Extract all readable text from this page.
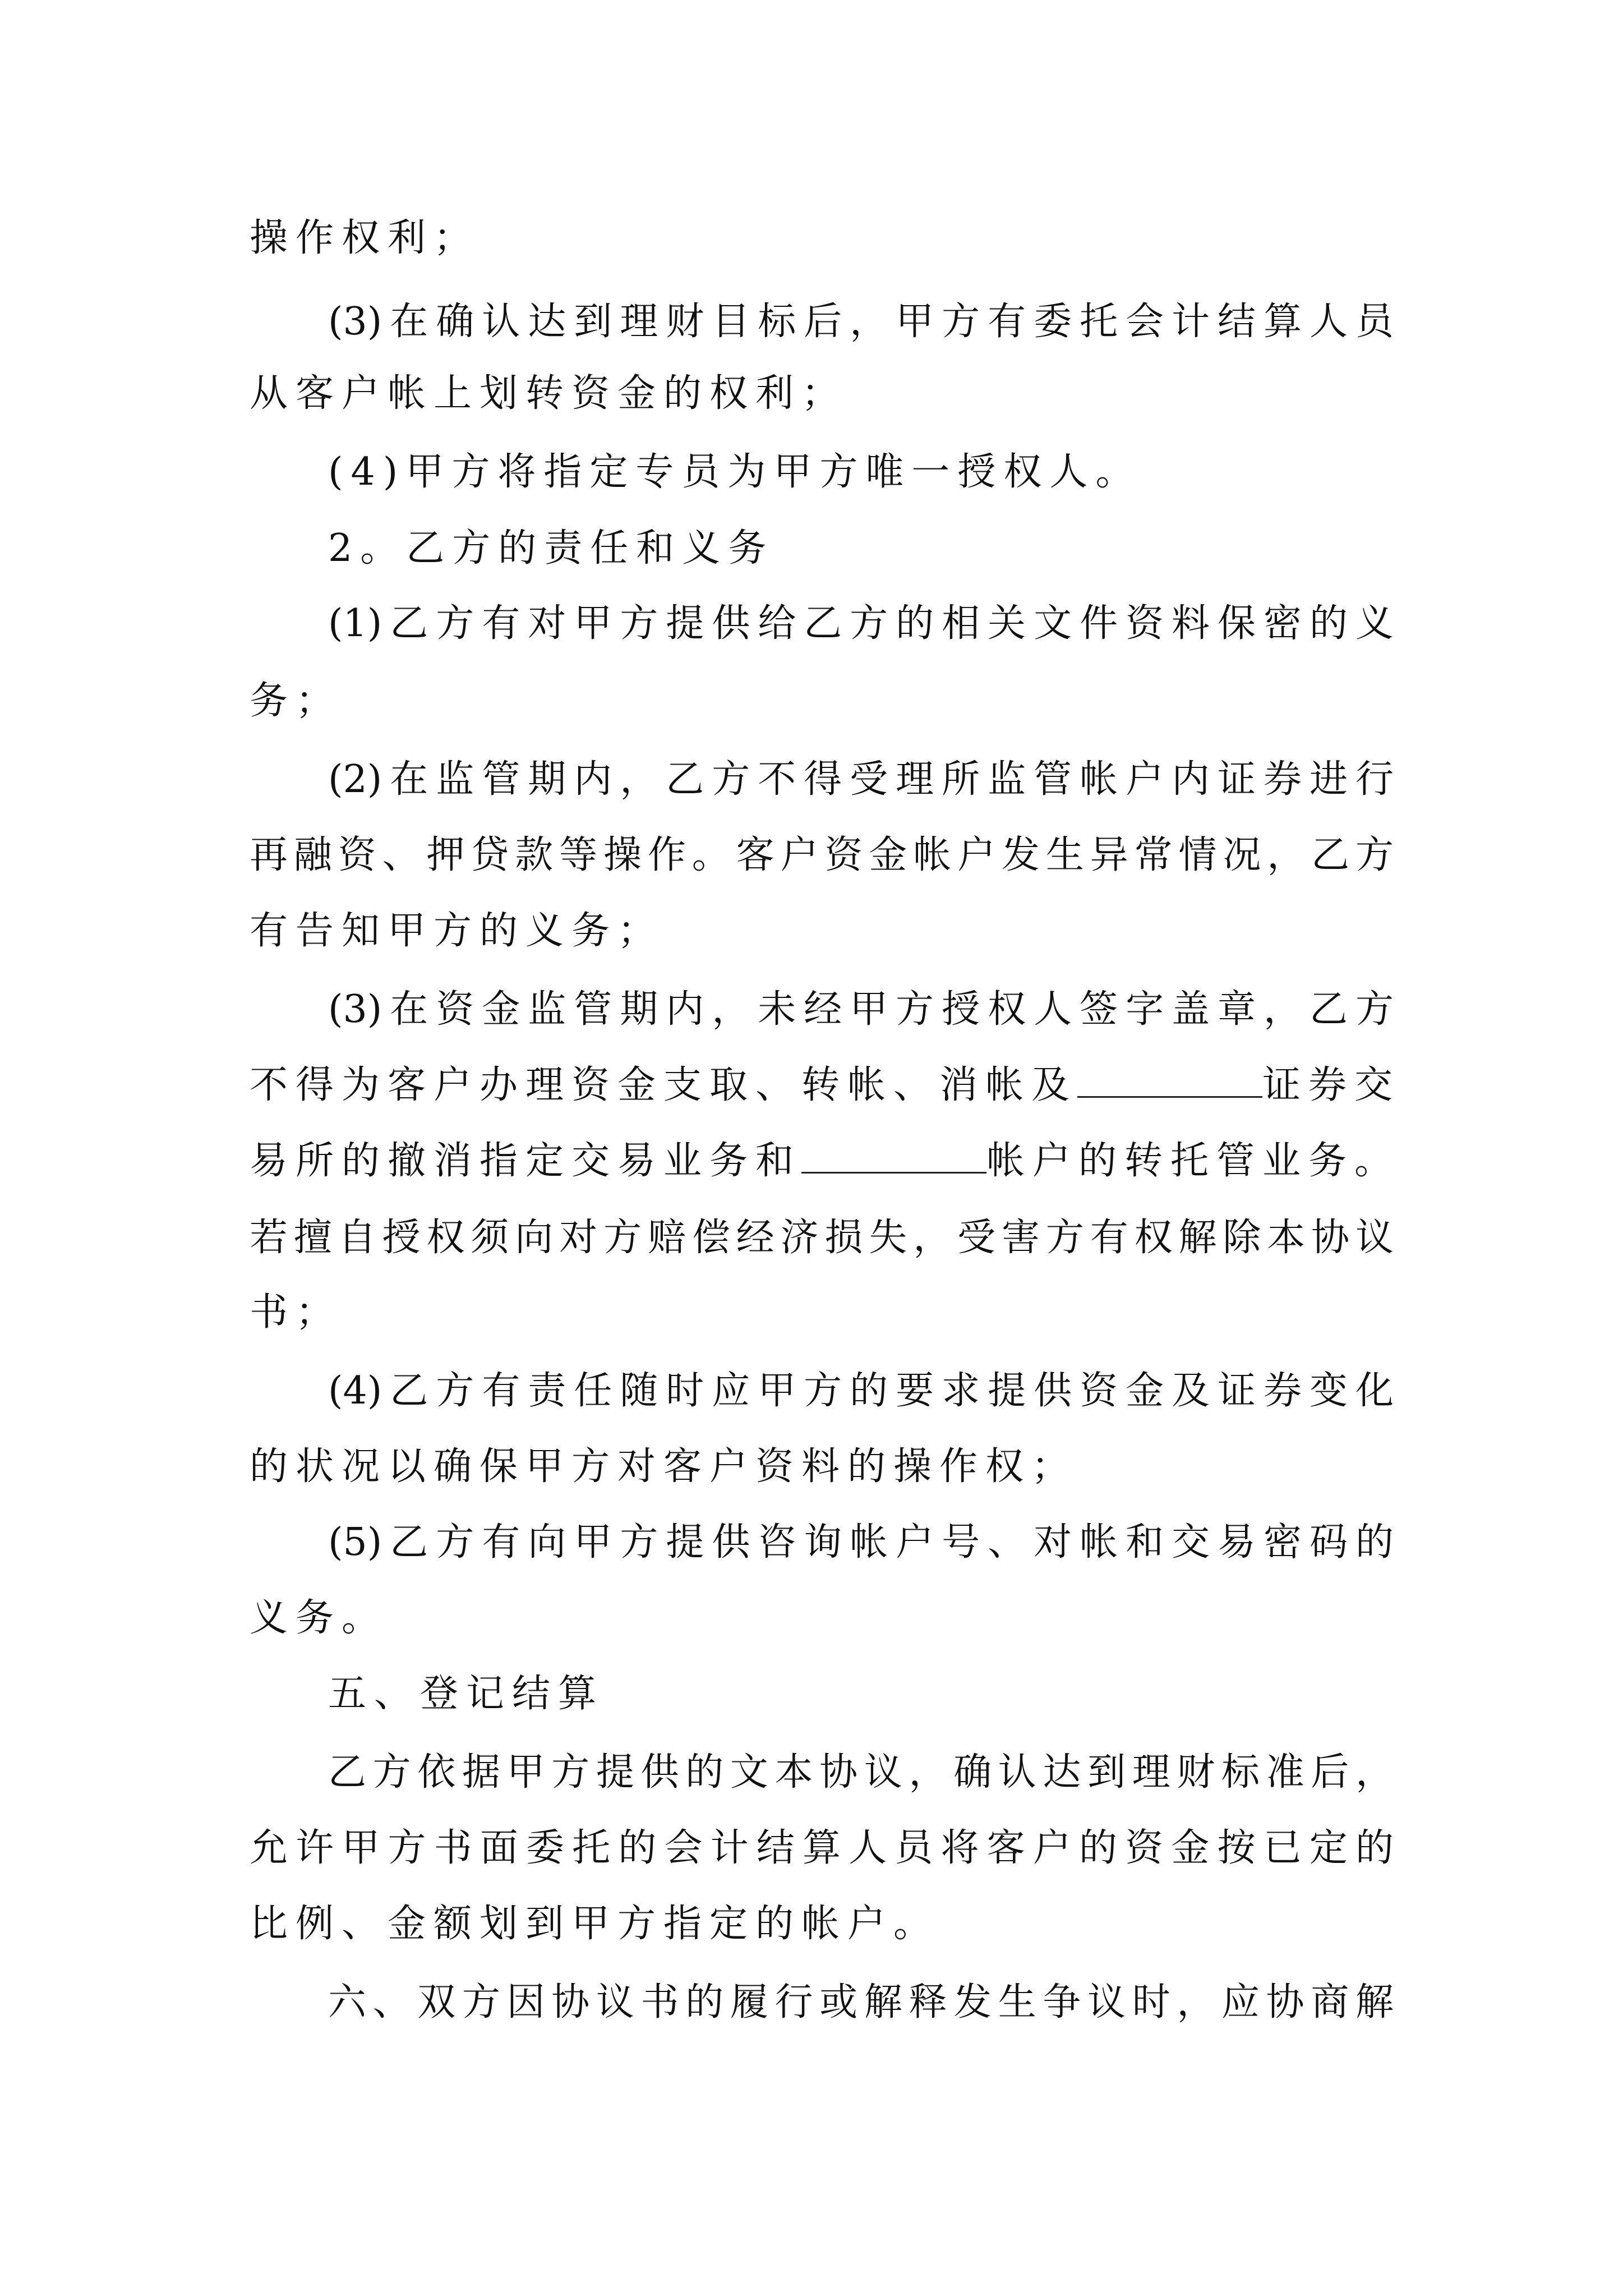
操作权利；
(3)在确认达到理财目标后，甲方有委托会计结算人员
从客户帐上划转资金的权利；
(4)甲方将指定专员为甲方唯一授权人。
2。乙方的责任和义务
(1)乙方有对甲方提供给乙方的相关文件资料保密的义
务；
(2)在监管期内，乙方不得受理所监管帐户内证券进行
再融资、押贷款等操作。客户资金帐户发生异常情况，乙方
有告知甲方的义务；
(3)在资金监管期内，未经甲方授权人签字盖章，乙方
不得为客户办理资金支取、转帐、消帐及	证券交
易所的撤消指定交易业务和	帐户的转托管业务。
若擅自授权须向对方赔偿经济损失，受害方有权解除本协议
书；
(4)乙方有责任随时应甲方的要求提供资金及证券变化
的状况以确保甲方对客户资料的操作权；
(5)乙方有向甲方提供咨询帐户号、对帐和交易密码的
义务。
五、登记结算
乙方依据甲方提供的文本协议，确认达到理财标准后，
允许甲方书面委托的会计结算人员将客户的资金按已定的
比例、金额划到甲方指定的帐户。
六、双方因协议书的履行或解释发生争议时，应协商解
